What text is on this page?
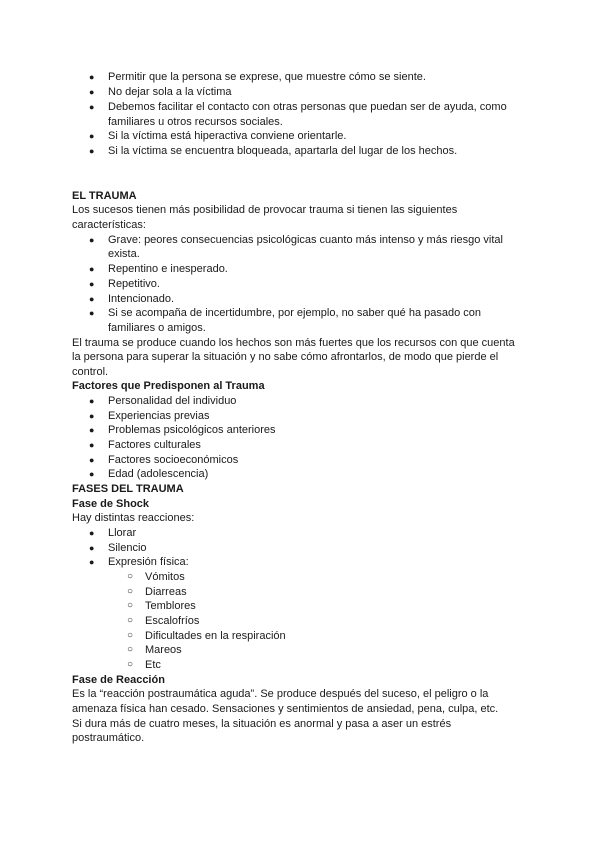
● Permitir que la persona se exprese, que muestre cómo se siente.
● No dejar sola a la víctima
● Debemos facilitar el contacto con otras personas que puedan ser de ayuda, como
familiares u otros recursos sociales.
● Si la víctima está hiperactiva conviene orientarle.
● Si la víctima se encuentra bloqueada, apartarla del lugar de los hechos.
EL TRAUMA
Los sucesos tienen más posibilidad de provocar trauma si tienen las siguientes
características:
● Grave: peores consecuencias psicológicas cuanto más intenso y más riesgo vital
exista.
● Repentino e inesperado.
● Repetitivo.
● Intencionado.
● Si se acompaña de incertidumbre, por ejemplo, no saber qué ha pasado con
familiares o amigos.
El trauma se produce cuando los hechos son más fuertes que los recursos con que cuenta
la persona para superar la situación y no sabe cómo afrontarlos, de modo que pierde el
control.
Factores que Predisponen al Trauma
● Personalidad del individuo
● Experiencias previas
● Problemas psicológicos anteriores
● Factores culturales
● Factores socioeconómicos
● Edad (adolescencia)
FASES DEL TRAUMA
Fase de Shock
Hay distintas reacciones:
● Llorar
● Silencio
● Expresión física:
○ Vómitos
○ Diarreas
○ Temblores
○ Escalofríos
○ Dificultades en la respiración
○ Mareos
○ Etc
Fase de Reacción
Es la “reacción postraumática aguda”. Se produce después del suceso, el peligro o la
amenaza física han cesado. Sensaciones y sentimientos de ansiedad, pena, culpa, etc.
Si dura más de cuatro meses, la situación es anormal y pasa a aser un estrés
postraumático.
